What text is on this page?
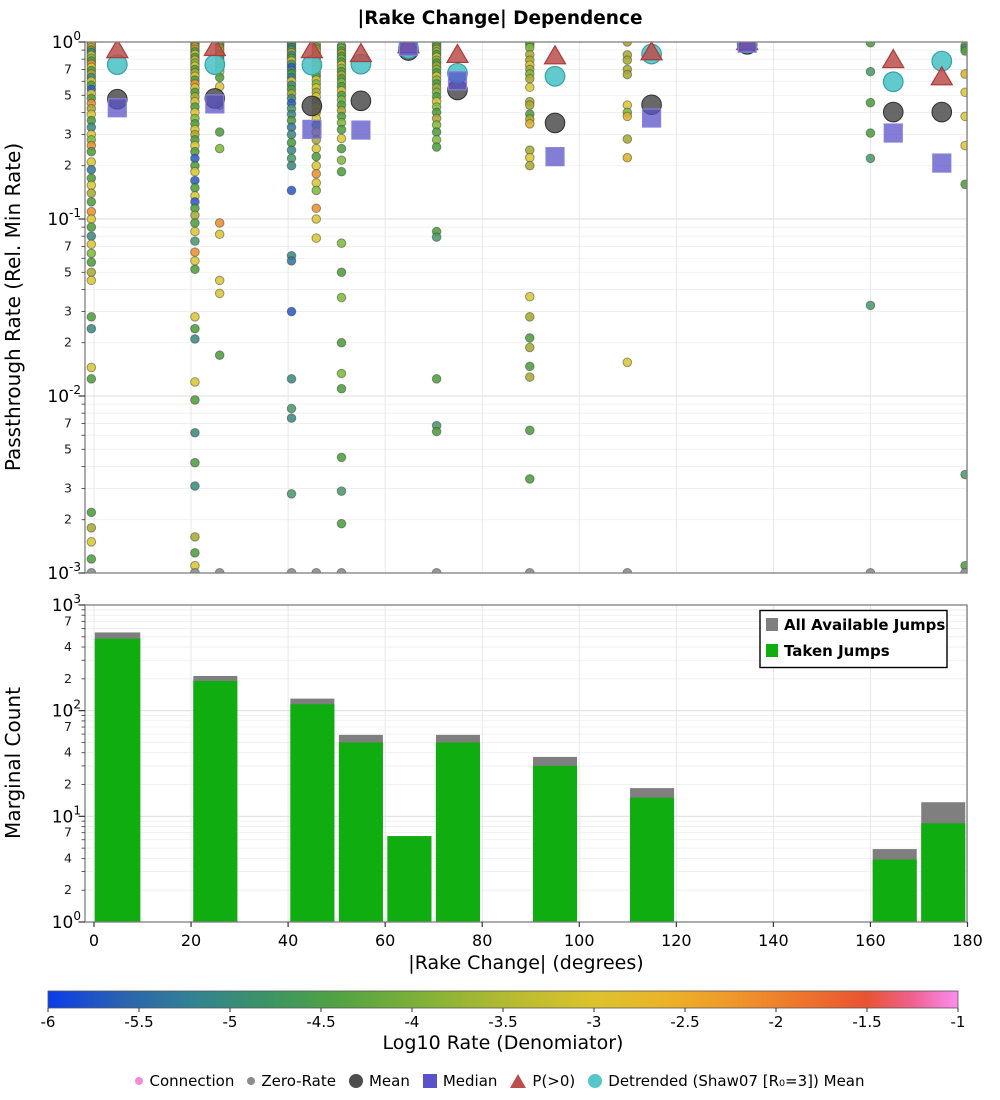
$10^0$
$10^{-1}$
$10^{-2}$
$10^{-3}$
2
3
5
7
2
3
5
7
2
3
5
7
$10^3$
$10^2$
$10^1$
$10^0$
2
4
7
2
4
7
2
4
7
0	20	40	60	80	100	120	140	160	180
-6	-5.5	-5	-4.5	-4	-3.5	-3	-2.5	-2	-1.5	-1
|Rake Change| Dependence
Passthrough Rate (Rel. Min Rate)
Marginal Count
|Rake Change| (degrees)
Log10 Rate (Denomiator)
All Available Jumps
Taken Jumps
Connection Zero-Rate Mean Median P(>0) Detrended (Shaw07 [R₀=3]) Mean
